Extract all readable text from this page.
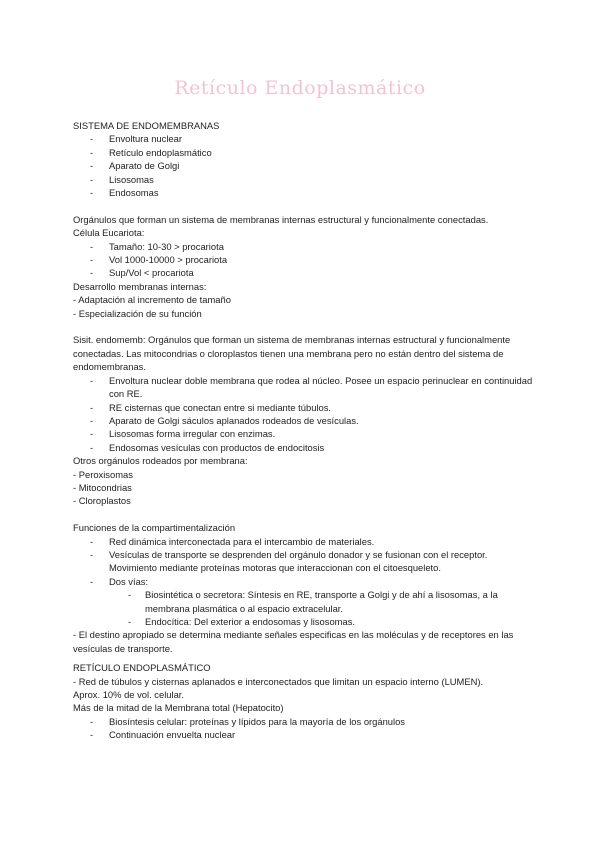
Retículo Endoplasmático
SISTEMA DE ENDOMEMBRANAS
- Envoltura nuclear
- Retículo endoplasmático
- Aparato de Golgi
- Lisosomas
- Endosomas
Orgánulos que forman un sistema de membranas internas estructural y funcionalmente conectadas.
Célula Eucariota:
- Tamaño: 10-30 > procariota
- Vol 1000-10000 > procariota
- Sup/Vol < procariota
Desarrollo membranas internas:
- Adaptación al incremento de tamaño
- Especialización de su función
Sisit. endomemb: Orgánulos que forman un sistema de membranas internas estructural y funcionalmente conectadas. Las mitocondrias o cloroplastos tienen una membrana pero no están dentro del sistema de endomembranas.
- Envoltura nuclear doble membrana que rodea al núcleo. Posee un espacio perinuclear en continuidad con RE.
- RE cisternas que conectan entre si mediante túbulos.
- Aparato de Golgi sáculos aplanados rodeados de vesículas.
- Lisosomas forma irregular con enzimas.
- Endosomas vesículas con productos de endocitosis
Otros orgánulos rodeados por membrana:
- Peroxisomas
- Mitocondrias
- Cloroplastos
Funciones de la compartimentalización
- Red dinámica interconectada para el intercambio de materiales.
- Vesículas de transporte se desprenden del orgánulo donador y se fusionan con el receptor. Movimiento mediante proteínas motoras que interaccionan con el citoesqueleto.
- Dos vías:
- Biosintética o secretora: Síntesis en RE, transporte a Golgi y de ahí a lisosomas, a la membrana plasmática o al espacio extracelular.
- Endocítica: Del exterior a endosomas y lisosomas.
- El destino apropiado se determina mediante señales especificas en las moléculas y de receptores en las vesículas de transporte.
RETÍCULO ENDOPLASMÁTICO
- Red de túbulos y cisternas aplanados e interconectados que limitan un espacio interno (LUMEN).
Aprox. 10% de vol. celular.
Más de la mitad de la Membrana total (Hepatocito)
- Biosíntesis celular: proteínas y lípidos para la mayoría de los orgánulos
- Continuación envuelta nuclear
